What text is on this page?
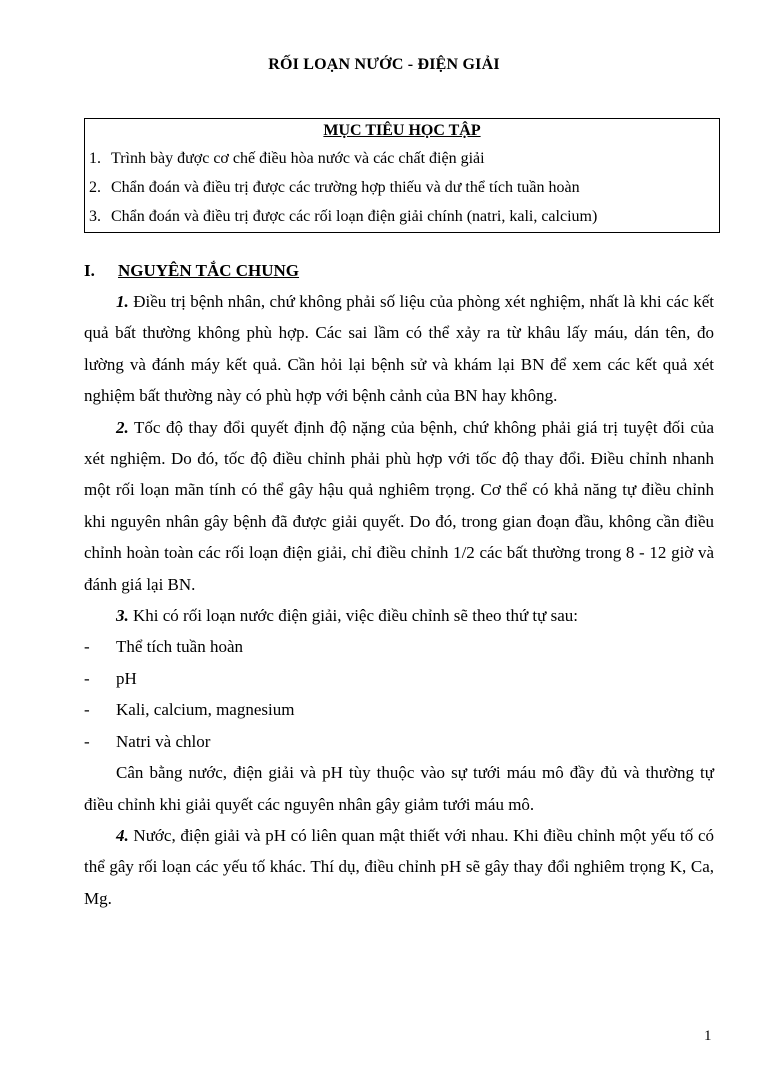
RỐI LOẠN NƯỚC - ĐIỆN GIẢI
MỤC TIÊU HỌC TẬP
1. Trình bày được cơ chế điều hòa nước và các chất điện giải
2. Chẩn đoán và điều trị được các trường hợp thiếu và dư thể tích tuần hoàn
3. Chẩn đoán và điều trị được các rối loạn điện giải chính (natri, kali, calcium)
I. NGUYÊN TẮC CHUNG

1. Điều trị bệnh nhân, chứ không phải số liệu của phòng xét nghiệm, nhất là khi các kết quả bất thường không phù hợp. Các sai lầm có thể xảy ra từ khâu lấy máu, dán tên, đo lường và đánh máy kết quả. Cần hỏi lại bệnh sử và khám lại BN để xem các kết quả xét nghiệm bất thường này có phù hợp với bệnh cảnh của BN hay không.

2. Tốc độ thay đổi quyết định độ nặng của bệnh, chứ không phải giá trị tuyệt đối của xét nghiệm. Do đó, tốc độ điều chỉnh phải phù hợp với tốc độ thay đổi. Điều chỉnh nhanh một rối loạn mãn tính có thể gây hậu quả nghiêm trọng. Cơ thể có khả năng tự điều chỉnh khi nguyên nhân gây bệnh đã được giải quyết. Do đó, trong gian đoạn đầu, không cần điều chỉnh hoàn toàn các rối loạn điện giải, chỉ điều chỉnh 1/2 các bất thường trong 8 - 12 giờ và đánh giá lại BN.

3. Khi có rối loạn nước điện giải, việc điều chỉnh sẽ theo thứ tự sau:

- Thể tích tuần hoàn
- pH
- Kali, calcium, magnesium
- Natri và chlor

Cân bằng nước, điện giải và pH tùy thuộc vào sự tưới máu mô đầy đủ và thường tự điều chỉnh khi giải quyết các nguyên nhân gây giảm tưới máu mô.

4. Nước, điện giải và pH có liên quan mật thiết với nhau. Khi điều chỉnh một yếu tố có thể gây rối loạn các yếu tố khác. Thí dụ, điều chỉnh pH sẽ gây thay đổi nghiêm trọng K, Ca, Mg.

1
